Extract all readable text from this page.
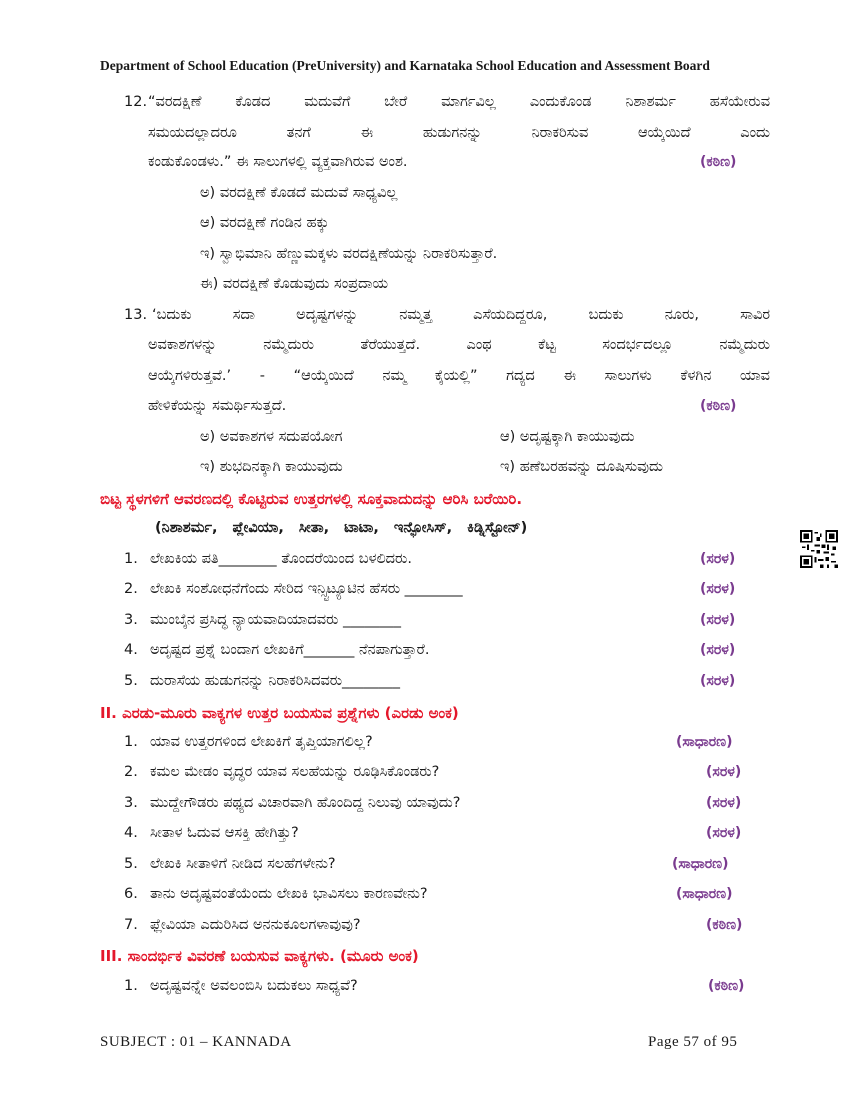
Department of School Education (PreUniversity) and Karnataka School Education and Assessment Board
12. “ವರದಕ್ಷಿಣೆ ಕೊಡದ ಮದುವೆಗೆ ಬೇರೆ ಮಾರ್ಗವಿಲ್ಲ ಎಂದುಕೊಂಡ ನಿಶಾಶರ್ಮ ಹಸೆಯೇರುವ
ಸಮಯದಲ್ಲಾದರೂ ತನಗೆ ಈ ಹುಡುಗನನ್ನು ನಿರಾಕರಿಸುವ ಆಯ್ಕೆಯಿದೆ ಎಂದು
ಕಂಡುಕೊಂಡಳು.” ಈ ಸಾಲುಗಳಲ್ಲಿ ವ್ಯಕ್ತವಾಗಿರುವ ಅಂಶ.	(ಕಠಿಣ)
ಅ) ವರದಕ್ಷಿಣೆ ಕೊಡದೆ ಮದುವೆ ಸಾಧ್ಯವಿಲ್ಲ
ಆ) ವರದಕ್ಷಿಣೆ ಗಂಡಿನ ಹಕ್ಕು
ಇ) ಸ್ವಾಭಿಮಾನಿ ಹೆಣ್ಣುಮಕ್ಕಳು ವರದಕ್ಷಿಣೆಯನ್ನು ನಿರಾಕರಿಸುತ್ತಾರೆ.
ಈ) ವರದಕ್ಷಿಣೆ ಕೊಡುವುದು ಸಂಪ್ರದಾಯ
13. ‘ಬದುಕು ಸದಾ ಅದೃಷ್ಟಗಳನ್ನು ನಮ್ಮತ್ತ ಎಸೆಯದಿದ್ದರೂ, ಬದುಕು ನೂರು, ಸಾವಿರ
ಅವಕಾಶಗಳನ್ನು ನಮ್ಮೆದುರು ತೆರೆಯುತ್ತದೆ. ಎಂಥ ಕೆಟ್ಟ ಸಂದರ್ಭದಲ್ಲೂ ನಮ್ಮೆದುರು
ಆಯ್ಕೆಗಳಿರುತ್ತವೆ.’ - “ಆಯ್ಕೆಯಿದೆ ನಮ್ಮ ಕೈಯಲ್ಲಿ” ಗದ್ಯದ ಈ ಸಾಲುಗಳು ಕೆಳಗಿನ ಯಾವ
ಹೇಳಿಕೆಯನ್ನು ಸಮರ್ಥಿಸುತ್ತದೆ.	(ಕಠಿಣ)
ಅ) ಅವಕಾಶಗಳ ಸದುಪಯೋಗ	ಆ) ಅದೃಷ್ಟಕ್ಕಾಗಿ ಕಾಯುವುದು
ಇ) ಶುಭದಿನಕ್ಕಾಗಿ ಕಾಯುವುದು	ಇ) ಹಣೆಬರಹವನ್ನು ದೂಷಿಸುವುದು
ಬಿಟ್ಟ ಸ್ಥಳಗಳಿಗೆ ಆವರಣದಲ್ಲಿ ಕೊಟ್ಟಿರುವ ಉತ್ತರಗಳಲ್ಲಿ ಸೂಕ್ತವಾದುದನ್ನು ಆರಿಸಿ ಬರೆಯಿರಿ.
(ನಿಶಾಶರ್ಮ, ಪ್ಲೇವಿಯಾ, ಸೀತಾ, ಟಾಟಾ, ಇನ್ಫೋಸಿಸ್, ಕಿಡ್ನಿಸ್ಟೋನ್)
1. ಲೇಖಕಿಯ ಪತಿ________ ತೊಂದರೆಯಿಂದ ಬಳಲಿದರು.	(ಸರಳ)
2. ಲೇಖಕಿ ಸಂಶೋಧನೆಗೆಂದು ಸೇರಿದ ಇನ್ಸ್ಟಿಟ್ಯೂಟಿನ ಹೆಸರು ________	(ಸರಳ)
3. ಮುಂಬೈನ ಪ್ರಸಿದ್ಧ ನ್ಯಾಯವಾದಿಯಾದವರು ________	(ಸರಳ)
4. ಅದೃಷ್ಟದ ಪ್ರಶ್ನೆ ಬಂದಾಗ ಲೇಖಕಿಗೆ_______ ನೆನಪಾಗುತ್ತಾರೆ.	(ಸರಳ)
5. ದುರಾಸೆಯ ಹುಡುಗನನ್ನು ನಿರಾಕರಿಸಿದವರು________	(ಸರಳ)
II. ಎರಡು-ಮೂರು ವಾಕ್ಯಗಳ ಉತ್ತರ ಬಯಸುವ ಪ್ರಶ್ನೆಗಳು (ಎರಡು ಅಂಕ)
1. ಯಾವ ಉತ್ತರಗಳಿಂದ ಲೇಖಕಿಗೆ ತೃಪ್ತಿಯಾಗಲಿಲ್ಲ?	(ಸಾಧಾರಣ)
2. ಕಮಲ ಮೇಡಂ ವೃದ್ಧರ ಯಾವ ಸಲಹೆಯನ್ನು ರೂಢಿಸಿಕೊಂಡರು?	(ಸರಳ)
3. ಮುದ್ದೇಗೌಡರು ಪಥ್ಯದ ವಿಚಾರವಾಗಿ ಹೊಂದಿದ್ದ ನಿಲುವು ಯಾವುದು?	(ಸರಳ)
4. ಸೀತಾಳ ಓದುವ ಆಸಕ್ತಿ ಹೇಗಿತ್ತು?	(ಸರಳ)
5. ಲೇಖಕಿ ಸೀತಾಳಿಗೆ ನೀಡಿದ ಸಲಹೆಗಳೇನು?	(ಸಾಧಾರಣ)
6. ತಾನು ಅದೃಷ್ಟವಂತೆಯೆಂದು ಲೇಖಕಿ ಭಾವಿಸಲು ಕಾರಣವೇನು?	(ಸಾಧಾರಣ)
7. ಫ್ಲೇವಿಯಾ ಎದುರಿಸಿದ ಅನನುಕೂಲಗಳಾವುವು?	(ಕಠಿಣ)
III. ಸಾಂದರ್ಭಿಕ ವಿವರಣೆ ಬಯಸುವ ವಾಕ್ಯಗಳು. (ಮೂರು ಅಂಕ)
1. ಅದೃಷ್ಟವನ್ನೇ ಅವಲಂಬಿಸಿ ಬದುಕಲು ಸಾಧ್ಯವೆ?	(ಕಠಿಣ)
SUBJECT : 01 – KANNADA	Page 57 of 95
